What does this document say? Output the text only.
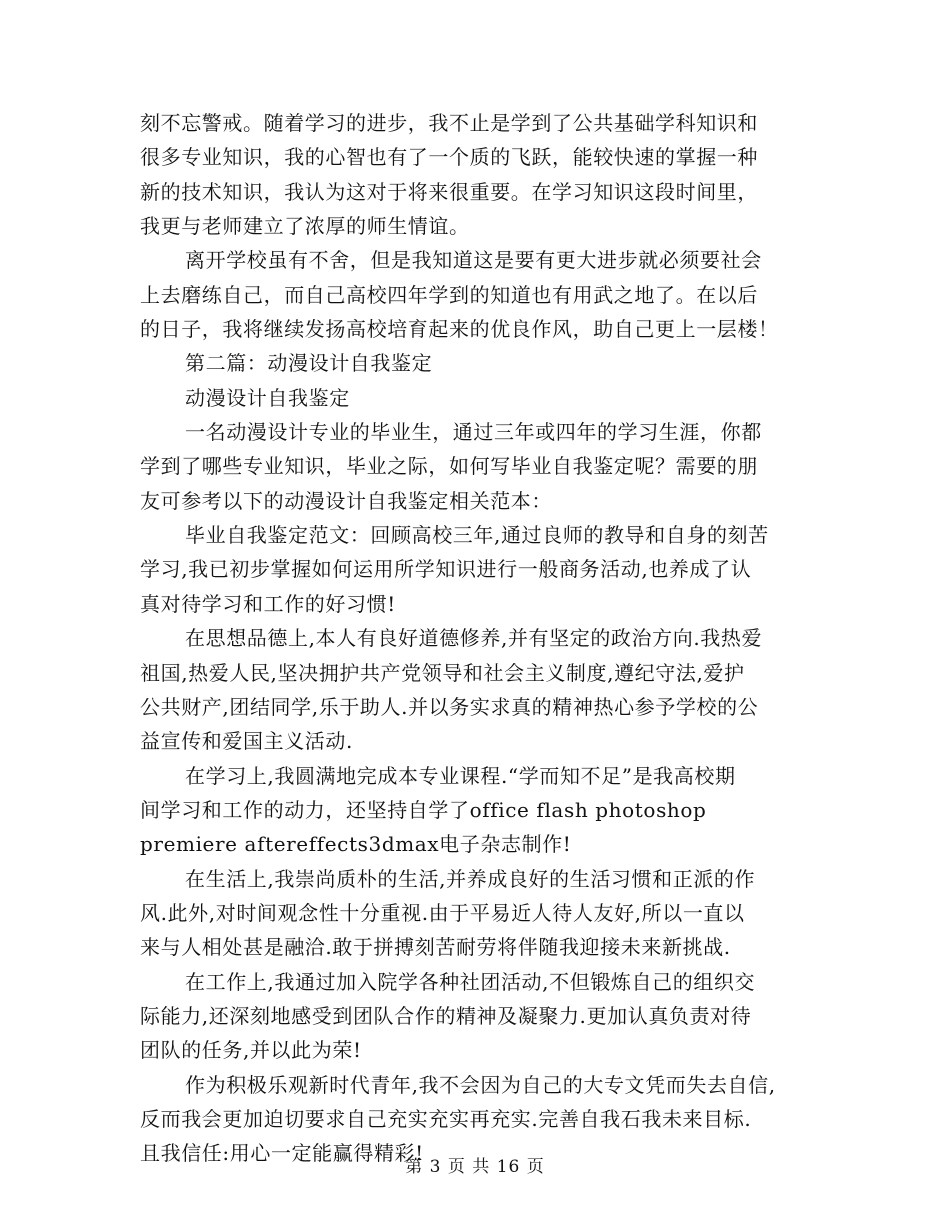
刻不忘警戒。随着学习的进步，我不止是学到了公共基础学科知识和
很多专业知识，我的心智也有了一个质的飞跃，能较快速的掌握一种
新的技术知识，我认为这对于将来很重要。在学习知识这段时间里，
我更与老师建立了浓厚的师生情谊。
离开学校虽有不舍，但是我知道这是要有更大进步就必须要社会
上去磨练自己，而自己高校四年学到的知道也有用武之地了。在以后
的日子，我将继续发扬高校培育起来的优良作风，助自己更上一层楼！
第二篇：动漫设计自我鉴定
动漫设计自我鉴定
一名动漫设计专业的毕业生，通过三年或四年的学习生涯，你都
学到了哪些专业知识，毕业之际，如何写毕业自我鉴定呢？需要的朋
友可参考以下的动漫设计自我鉴定相关范本：
毕业自我鉴定范文：回顾高校三年,通过良师的教导和自身的刻苦
学习,我已初步掌握如何运用所学知识进行一般商务活动,也养成了认
真对待学习和工作的好习惯!
在思想品德上,本人有良好道德修养,并有坚定的政治方向.我热爱
祖国,热爱人民,坚决拥护共产党领导和社会主义制度,遵纪守法,爱护
公共财产,团结同学,乐于助人.并以务实求真的精神热心参予学校的公
益宣传和爱国主义活动.
在学习上,我圆满地完成本专业课程.“学而知不足”是我高校期
间学习和工作的动力，还坚持自学了office flash photoshop
premiere aftereffects3dmax电子杂志制作!
在生活上,我崇尚质朴的生活,并养成良好的生活习惯和正派的作
风.此外,对时间观念性十分重视.由于平易近人待人友好,所以一直以
来与人相处甚是融洽.敢于拼搏刻苦耐劳将伴随我迎接未来新挑战.
在工作上,我通过加入院学各种社团活动,不但锻炼自己的组织交
际能力,还深刻地感受到团队合作的精神及凝聚力.更加认真负责对待
团队的任务,并以此为荣!
作为积极乐观新时代青年,我不会因为自己的大专文凭而失去自信,
反而我会更加迫切要求自己充实充实再充实.完善自我石我未来目标.
且我信任:用心一定能赢得精彩!
第 3 页 共 16 页
